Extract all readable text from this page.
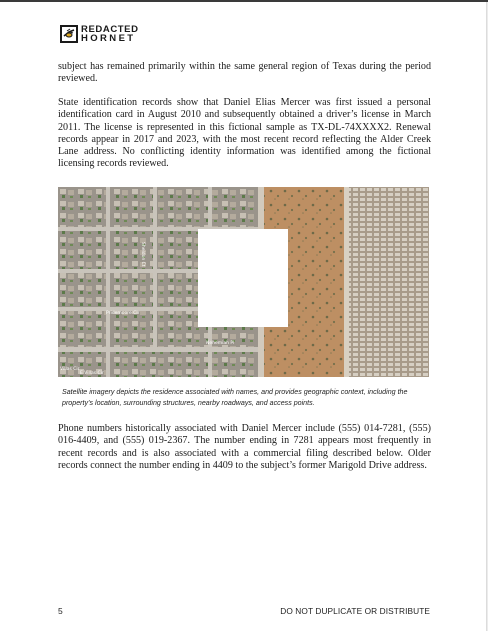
REDACTED
HORNET

subject has remained primarily within the same general region of Texas during the period reviewed.

State identification records show that Daniel Elias Mercer was first issued a personal identification card in August 2010 and subsequently obtained a driver’s license in March 2011. The license is represented in this fictional sample as TX-DL-74XXXX2. Renewal records appear in 2017 and 2023, with the most recent record reflecting the Alder Creek Lane address. No conflicting identity information was identified among the fictional licensing records reviewed.

Pridemoore Cir
Nehemiah Pl
Sheldon Ct
E Villas Cir
Villas Cir

Satellite imagery depicts the residence associated with names, and provides geographic context, including the property’s location, surrounding structures, nearby roadways, and access points.

Phone numbers historically associated with Daniel Mercer include (555) 014-7281, (555) 016-4409, and (555) 019-2367. The number ending in 7281 appears most frequently in recent records and is also associated with a commercial filing described below. Older records connect the number ending in 4409 to the subject’s former Marigold Drive address.

5	DO NOT DUPLICATE OR DISTRIBUTE
